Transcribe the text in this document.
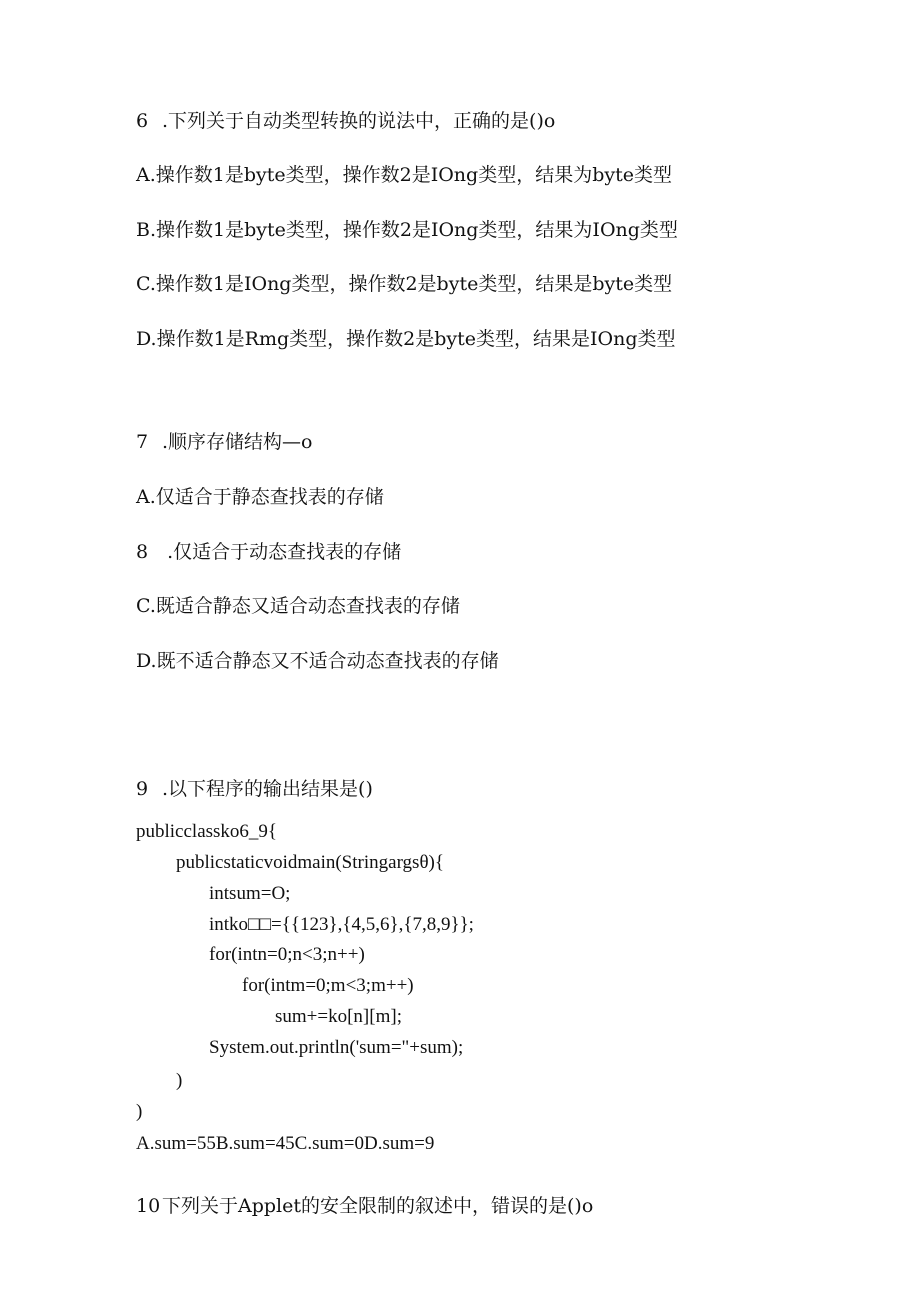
6 .下列关于自动类型转换的说法中，正确的是()o
A.操作数1是byte类型，操作数2是IOng类型，结果为byte类型
B.操作数1是byte类型，操作数2是IOng类型，结果为IOng类型
C.操作数1是IOng类型，操作数2是byte类型，结果是byte类型
D.操作数1是Rmg类型，操作数2是byte类型，结果是IOng类型
7 .顺序存储结构—o
A.仅适合于静态查找表的存储
8　.仅适合于动态查找表的存储
C.既适合静态又适合动态查找表的存储
D.既不适合静态又不适合动态查找表的存储
9 .以下程序的输出结果是()
publicclassko6_9{
publicstaticvoidmain(Stringargsθ){
intsum=O;
intko□□={{123},{4,5,6},{7,8,9}};
for(intn=0;n<3;n++)
for(intm=0;m<3;m++)
sum+=ko[n][m];
System.out.println('sum="+sum);
)
)
A.sum=55B.sum=45C.sum=0D.sum=9
10下列关于Applet的安全限制的叙述中，错误的是()o
